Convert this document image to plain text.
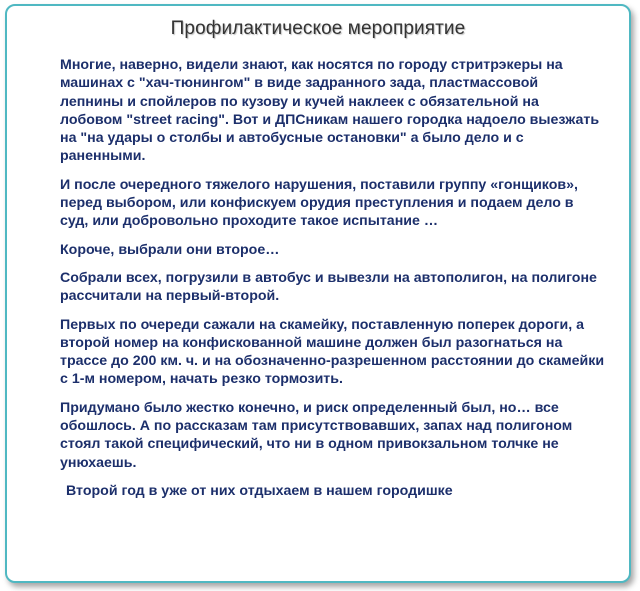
Профилактическое мероприятие

Многие, наверно, видели знают, как носятся по городу стритрэкеры на машинах с "хач-тюнингом" в виде задранного зада, пластмассовой лепнины и спойлеров по кузову и кучей наклеек с обязательной на лобовом "street racing". Вот и ДПСникам нашего городка надоело выезжать на "на удары о столбы и автобусные остановки" а было дело и с раненными.

И после очередного тяжелого нарушения, поставили группу «гонщиков», перед выбором, или конфискуем орудия преступления и подаем дело в суд, или добровольно проходите такое испытание …

Короче, выбрали они второе…

Собрали всех, погрузили в автобус и вывезли на автополигон, на полигоне рассчитали на первый-второй.

Первых по очереди сажали на скамейку, поставленную поперек дороги, а второй номер на конфискованной машине должен был разогнаться на трассе до 200 км. ч. и на обозначенно-разрешенном расстоянии до скамейки с 1-м номером, начать резко тормозить.

Придумано было жестко конечно, и риск определенный был, но… все обошлось. А по рассказам там присутствовавших, запах над полигоном стоял такой специфический, что ни в одном привокзальном толчке не унюхаешь.

Второй год в уже от них отдыхаем в нашем городишке
